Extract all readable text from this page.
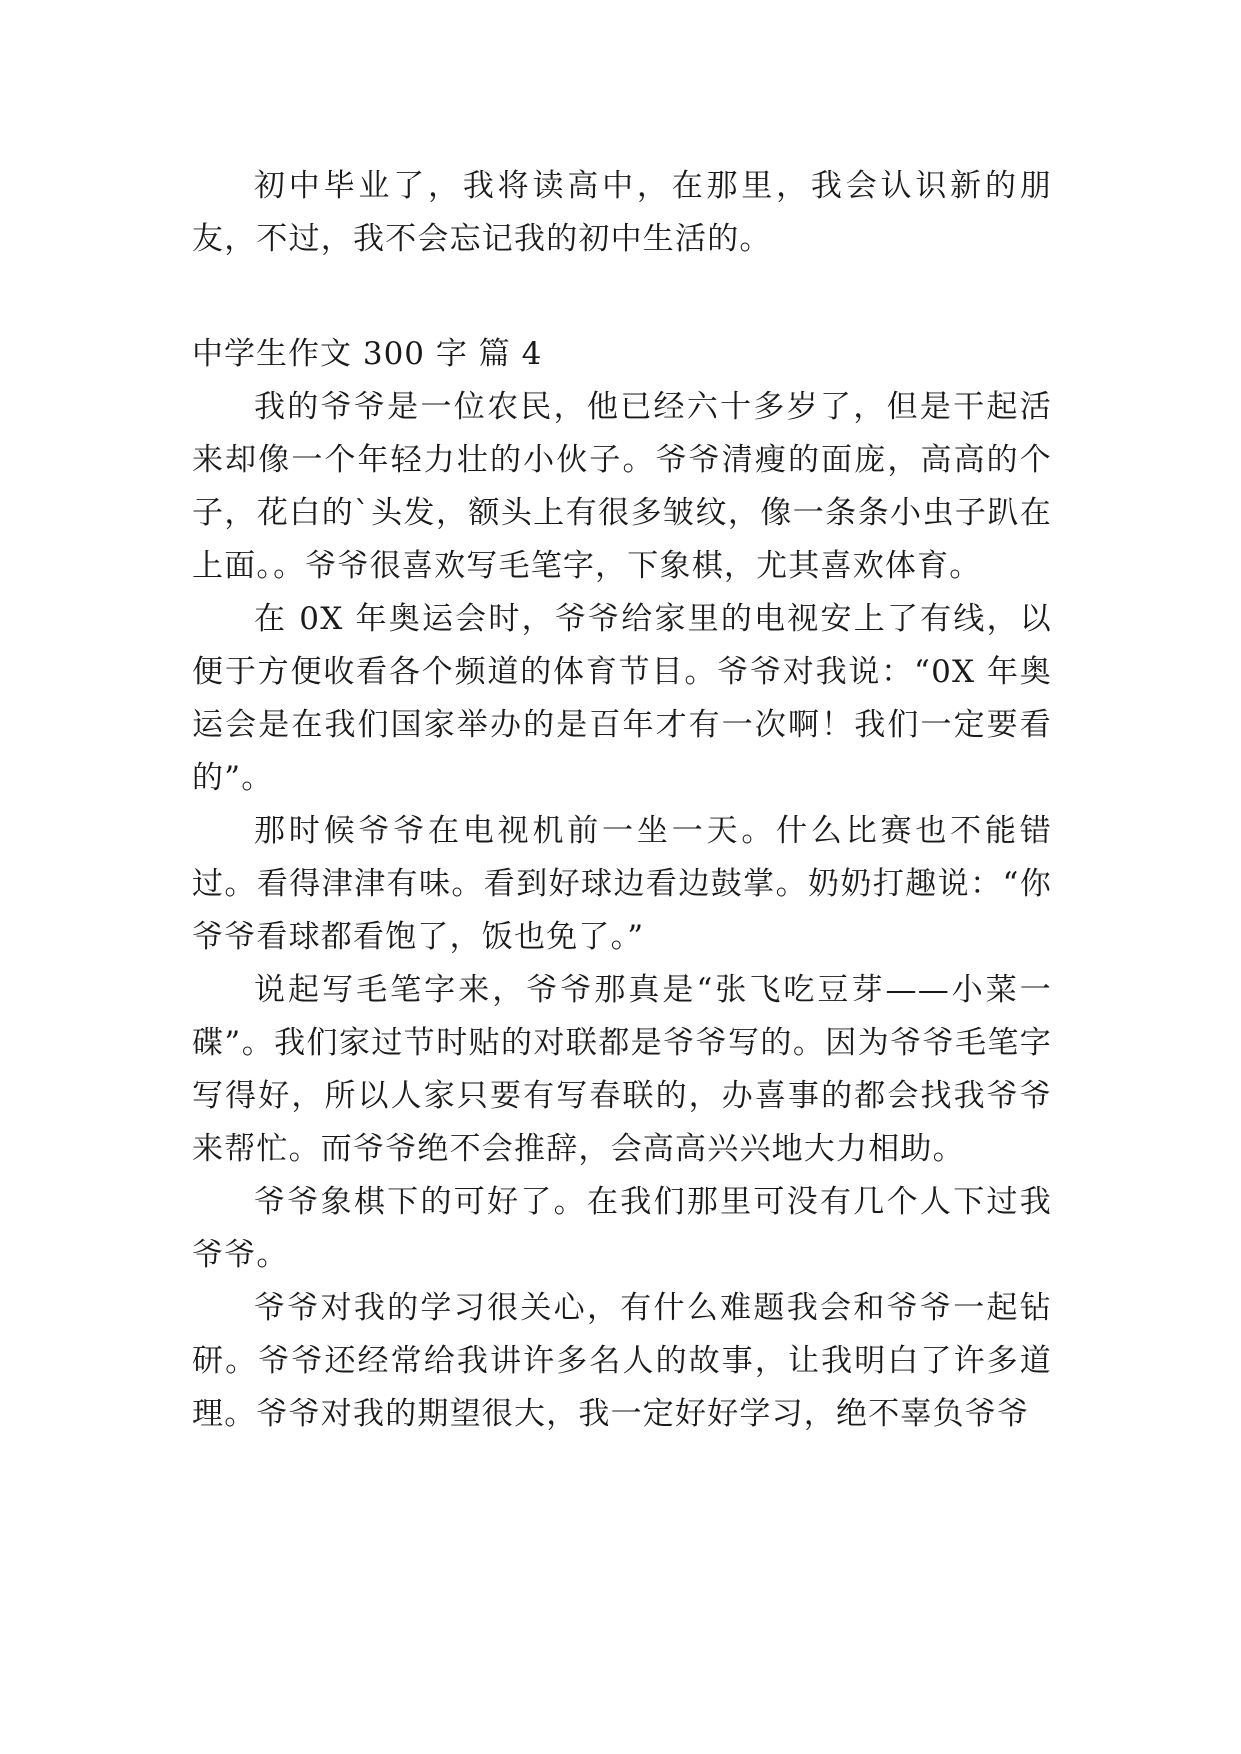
初中毕业了，我将读高中，在那里，我会认识新的朋友，不过，我不会忘记我的初中生活的。

中学生作文 300 字 篇 4

我的爷爷是一位农民，他已经六十多岁了，但是干起活来却像一个年轻力壮的小伙子。爷爷清瘦的面庞，高高的个子，花白的`头发，额头上有很多皱纹，像一条条小虫子趴在上面。。爷爷很喜欢写毛笔字，下象棋，尤其喜欢体育。

在 0X 年奥运会时，爷爷给家里的电视安上了有线，以便于方便收看各个频道的体育节目。爷爷对我说：“0X 年奥运会是在我们国家举办的是百年才有一次啊！我们一定要看的”。

那时候爷爷在电视机前一坐一天。什么比赛也不能错过。看得津津有味。看到好球边看边鼓掌。奶奶打趣说：“你爷爷看球都看饱了，饭也免了。”

说起写毛笔字来，爷爷那真是“张飞吃豆芽——小菜一碟”。我们家过节时贴的对联都是爷爷写的。因为爷爷毛笔字写得好，所以人家只要有写春联的，办喜事的都会找我爷爷来帮忙。而爷爷绝不会推辞，会高高兴兴地大力相助。

爷爷象棋下的可好了。在我们那里可没有几个人下过我爷爷。

爷爷对我的学习很关心，有什么难题我会和爷爷一起钻研。爷爷还经常给我讲许多名人的故事，让我明白了许多道理。爷爷对我的期望很大，我一定好好学习，绝不辜负爷爷
